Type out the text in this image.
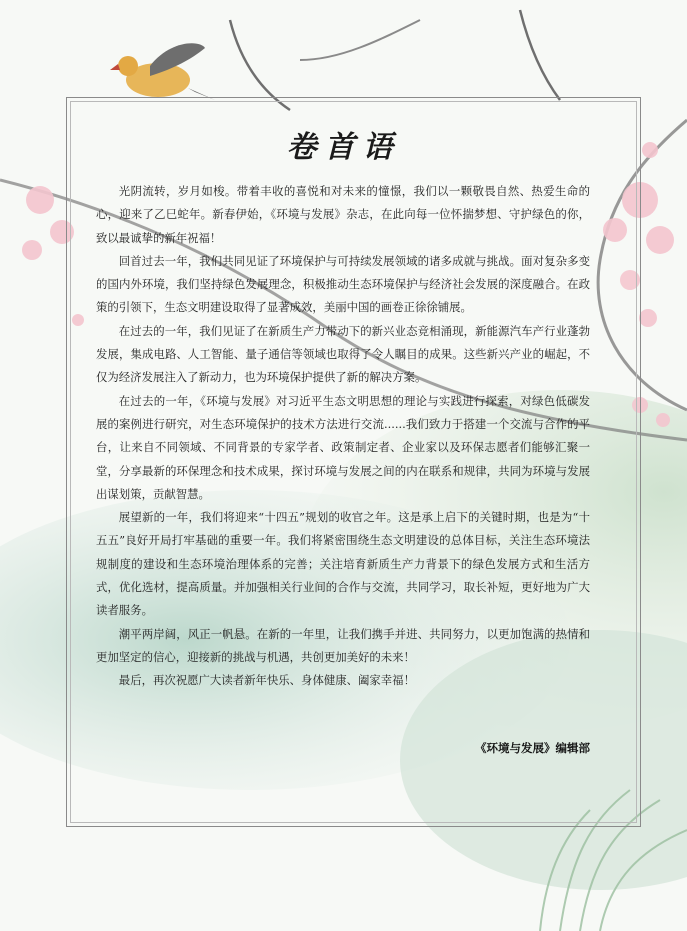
卷首语

光阴流转，岁月如梭。带着丰收的喜悦和对未来的憧憬，我们以一颗敬畏自然、热爱生命的心，迎来了乙巳蛇年。新春伊始，《环境与发展》杂志，在此向每一位怀揣梦想、守护绿色的你，致以最诚挚的新年祝福！

回首过去一年，我们共同见证了环境保护与可持续发展领域的诸多成就与挑战。面对复杂多变的国内外环境，我们坚持绿色发展理念，积极推动生态环境保护与经济社会发展的深度融合。在政策的引领下，生态文明建设取得了显著成效，美丽中国的画卷正徐徐铺展。

在过去的一年，我们见证了在新质生产力带动下的新兴业态竞相涌现，新能源汽车产行业蓬勃发展，集成电路、人工智能、量子通信等领域也取得了令人瞩目的成果。这些新兴产业的崛起，不仅为经济发展注入了新动力，也为环境保护提供了新的解决方案。

在过去的一年，《环境与发展》对习近平生态文明思想的理论与实践进行探索，对绿色低碳发展的案例进行研究，对生态环境保护的技术方法进行交流......我们致力于搭建一个交流与合作的平台，让来自不同领域、不同背景的专家学者、政策制定者、企业家以及环保志愿者们能够汇聚一堂，分享最新的环保理念和技术成果，探讨环境与发展之间的内在联系和规律，共同为环境与发展出谋划策，贡献智慧。

展望新的一年，我们将迎来“十四五”规划的收官之年。这是承上启下的关键时期，也是为“十五五”良好开局打牢基础的重要一年。我们将紧密围绕生态文明建设的总体目标，关注生态环境法规制度的建设和生态环境治理体系的完善；关注培育新质生产力背景下的绿色发展方式和生活方式，优化选材，提高质量。并加强相关行业间的合作与交流，共同学习，取长补短，更好地为广大读者服务。

潮平两岸阔，风正一帆悬。在新的一年里，让我们携手并进、共同努力，以更加饱满的热情和更加坚定的信心，迎接新的挑战与机遇，共创更加美好的未来！

最后，再次祝愿广大读者新年快乐、身体健康、阖家幸福！

《环境与发展》编辑部
